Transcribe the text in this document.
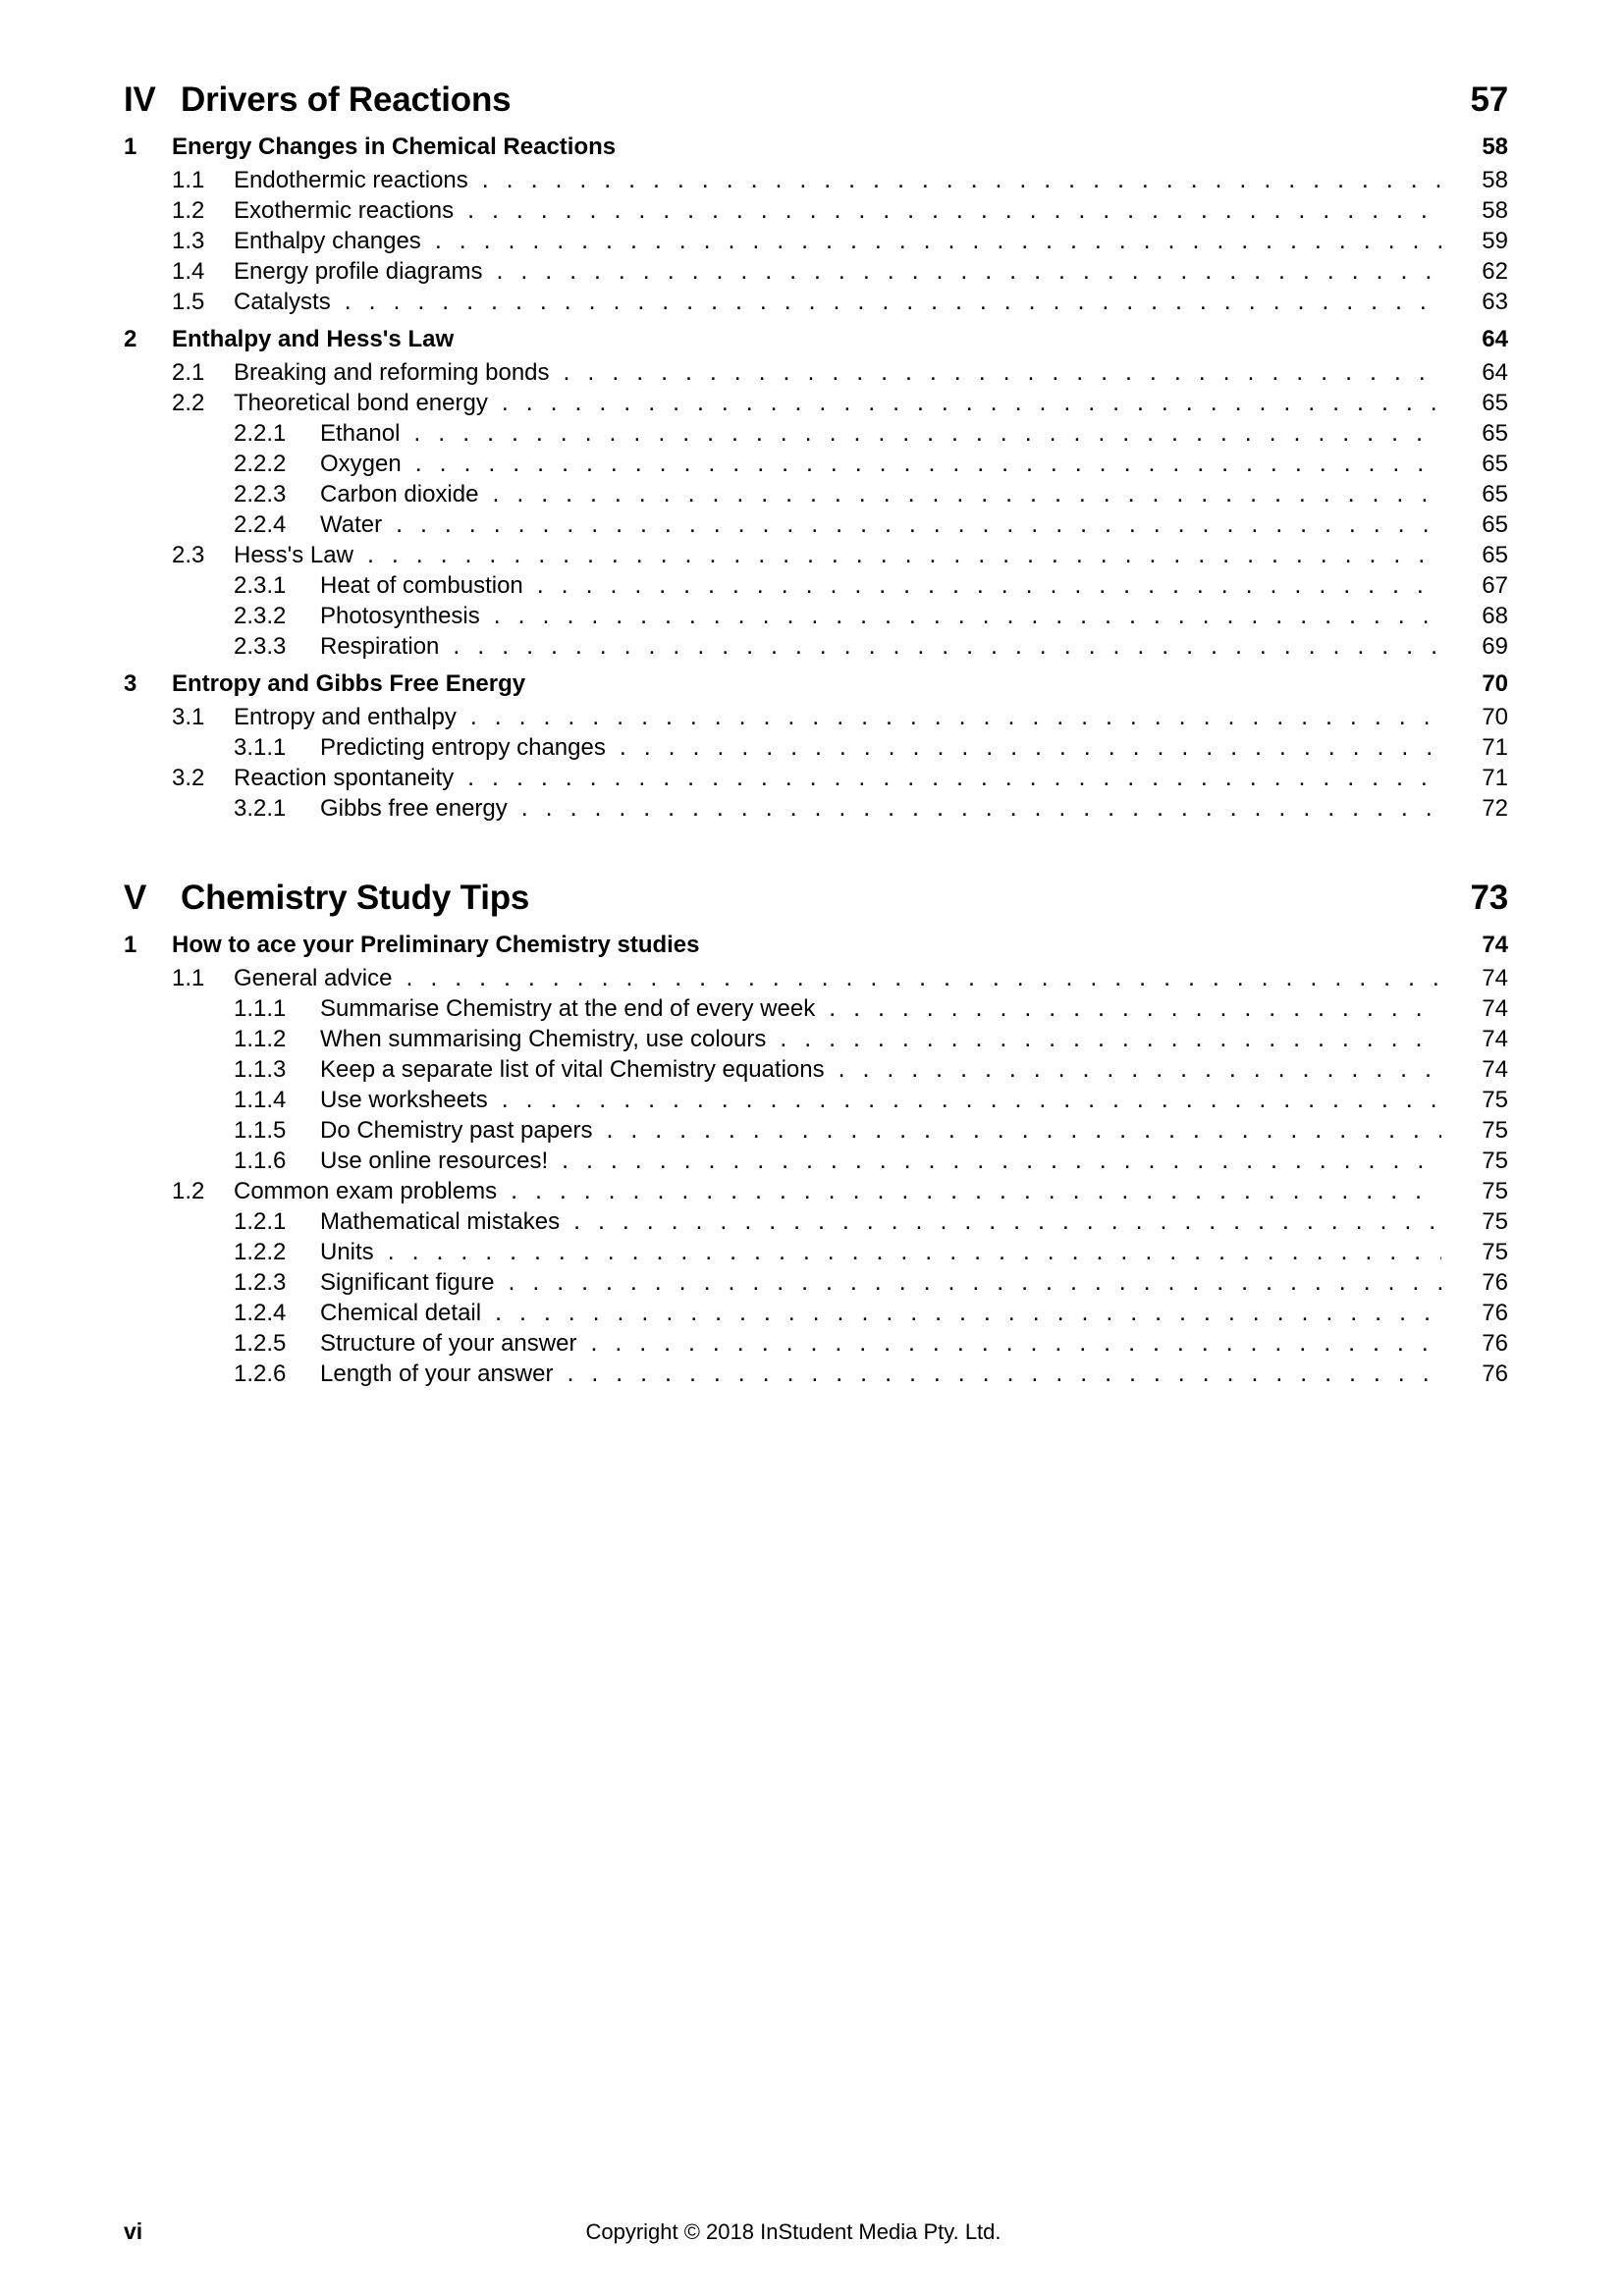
IV Drivers of Reactions	57
1	Energy Changes in Chemical Reactions	58
1.1	Endothermic reactions . . .	58
1.2	Exothermic reactions . . .	58
1.3	Enthalpy changes . . .	59
1.4	Energy profile diagrams . . .	62
1.5	Catalysts . . .	63
2	Enthalpy and Hess's Law	64
2.1	Breaking and reforming bonds . . .	64
2.2	Theoretical bond energy . . .	65
2.2.1	Ethanol . . .	65
2.2.2	Oxygen . . .	65
2.2.3	Carbon dioxide . . .	65
2.2.4	Water . . .	65
2.3	Hess's Law . . .	65
2.3.1	Heat of combustion . . .	67
2.3.2	Photosynthesis . . .	68
2.3.3	Respiration . . .	69
3	Entropy and Gibbs Free Energy	70
3.1	Entropy and enthalpy . . .	70
3.1.1	Predicting entropy changes . . .	71
3.2	Reaction spontaneity . . .	71
3.2.1	Gibbs free energy . . .	72
V Chemistry Study Tips	73
1	How to ace your Preliminary Chemistry studies	74
1.1	General advice . . .	74
1.1.1	Summarise Chemistry at the end of every week . . .	74
1.1.2	When summarising Chemistry, use colours . . .	74
1.1.3	Keep a separate list of vital Chemistry equations . . .	74
1.1.4	Use worksheets . . .	75
1.1.5	Do Chemistry past papers . . .	75
1.1.6	Use online resources! . . .	75
1.2	Common exam problems . . .	75
1.2.1	Mathematical mistakes . . .	75
1.2.2	Units . . .	75
1.2.3	Significant figure . . .	76
1.2.4	Chemical detail . . .	76
1.2.5	Structure of your answer . . .	76
1.2.6	Length of your answer . . .	76
vi	Copyright © 2018 InStudent Media Pty. Ltd.
